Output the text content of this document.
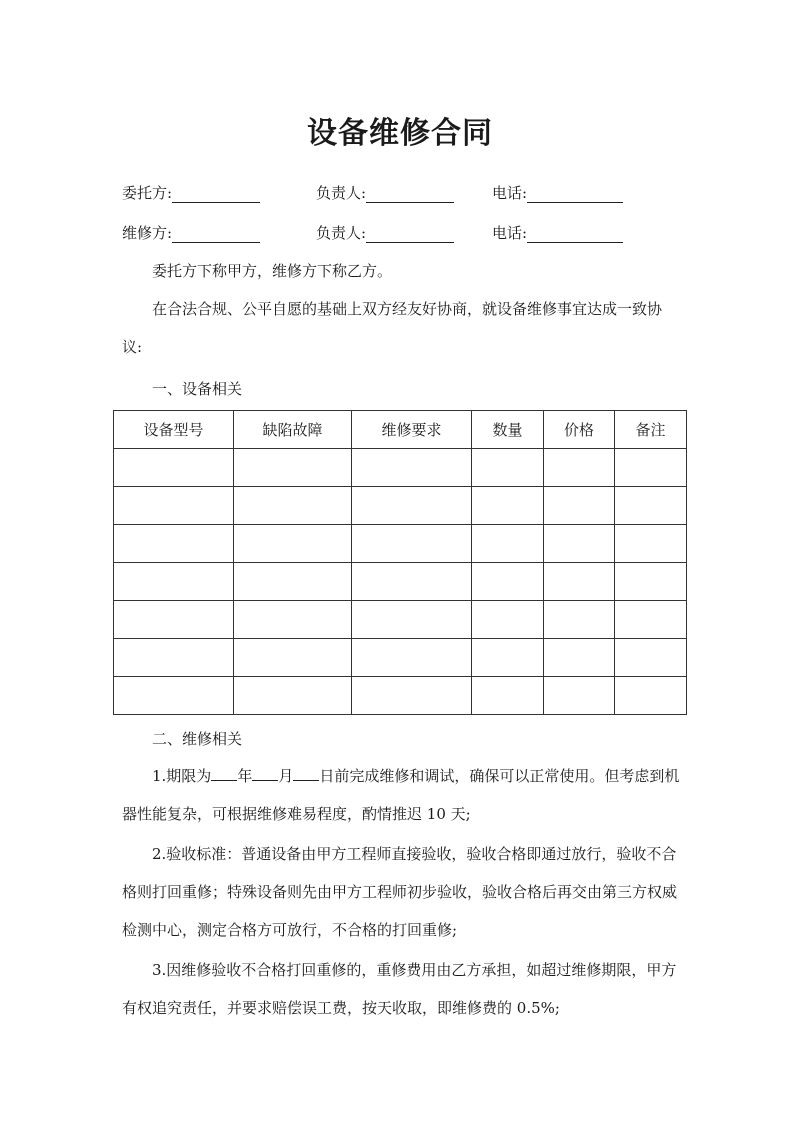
设备维修合同
委托方:	负责人:	电话:
维修方:	负责人:	电话:

委托方下称甲方，维修方下称乙方。

在合法合规、公平自愿的基础上双方经友好协商，就设备维修事宜达成一致协议:

一、设备相关
设备型号	缺陷故障	维修要求	数量	价格	备注

二、维修相关

1.期限为 年 月 日前完成维修和调试，确保可以正常使用。但考虑到机器性能复杂，可根据维修难易程度，酌情推迟 10 天;

2.验收标准：普通设备由甲方工程师直接验收，验收合格即通过放行，验收不合格则打回重修；特殊设备则先由甲方工程师初步验收，验收合格后再交由第三方权威检测中心，测定合格方可放行，不合格的打回重修;

3.因维修验收不合格打回重修的，重修费用由乙方承担，如超过维修期限，甲方有权追究责任，并要求赔偿误工费，按天收取，即维修费的 0.5%;
